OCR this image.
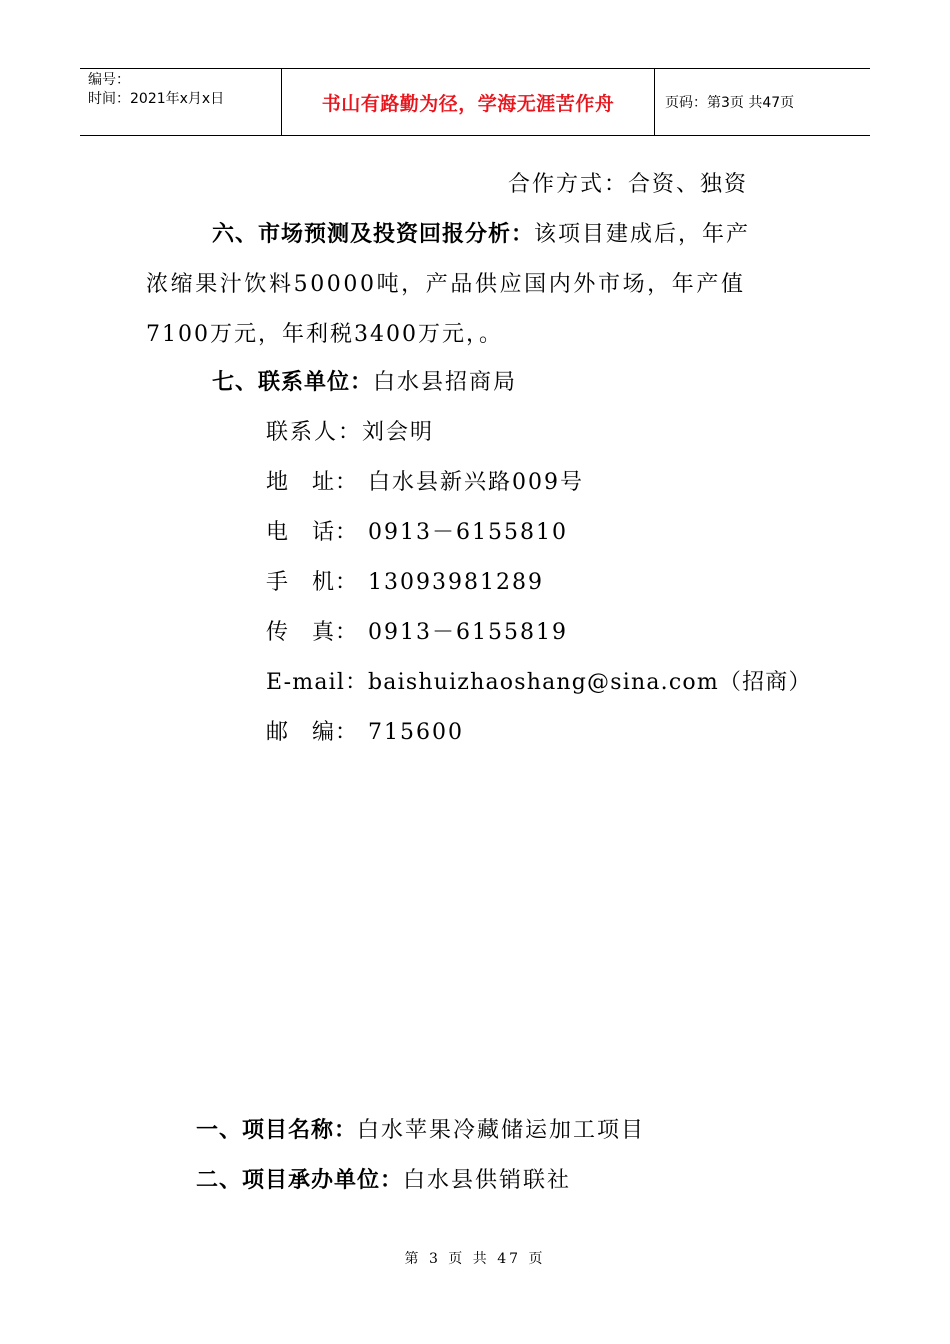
编号：
时间：2021年x月x日	书山有路勤为径，学海无涯苦作舟	页码：第3页 共47页
合作方式：合资、独资
六、市场预测及投资回报分析：该项目建成后，年产
浓缩果汁饮料50000吨，产品供应国内外市场，年产值
7100万元，年利税3400万元，。
七、联系单位：白水县招商局
联系人：刘会明
地　址： 白水县新兴路009号
电　话： 0913－6155810
手　机： 13093981289
传　真： 0913－6155819
E-mail：baishuizhaoshang@sina.com（招商）
邮　编： 715600
一、项目名称：白水苹果冷藏储运加工项目
二、项目承办单位：白水县供销联社
第 3 页 共 47 页
